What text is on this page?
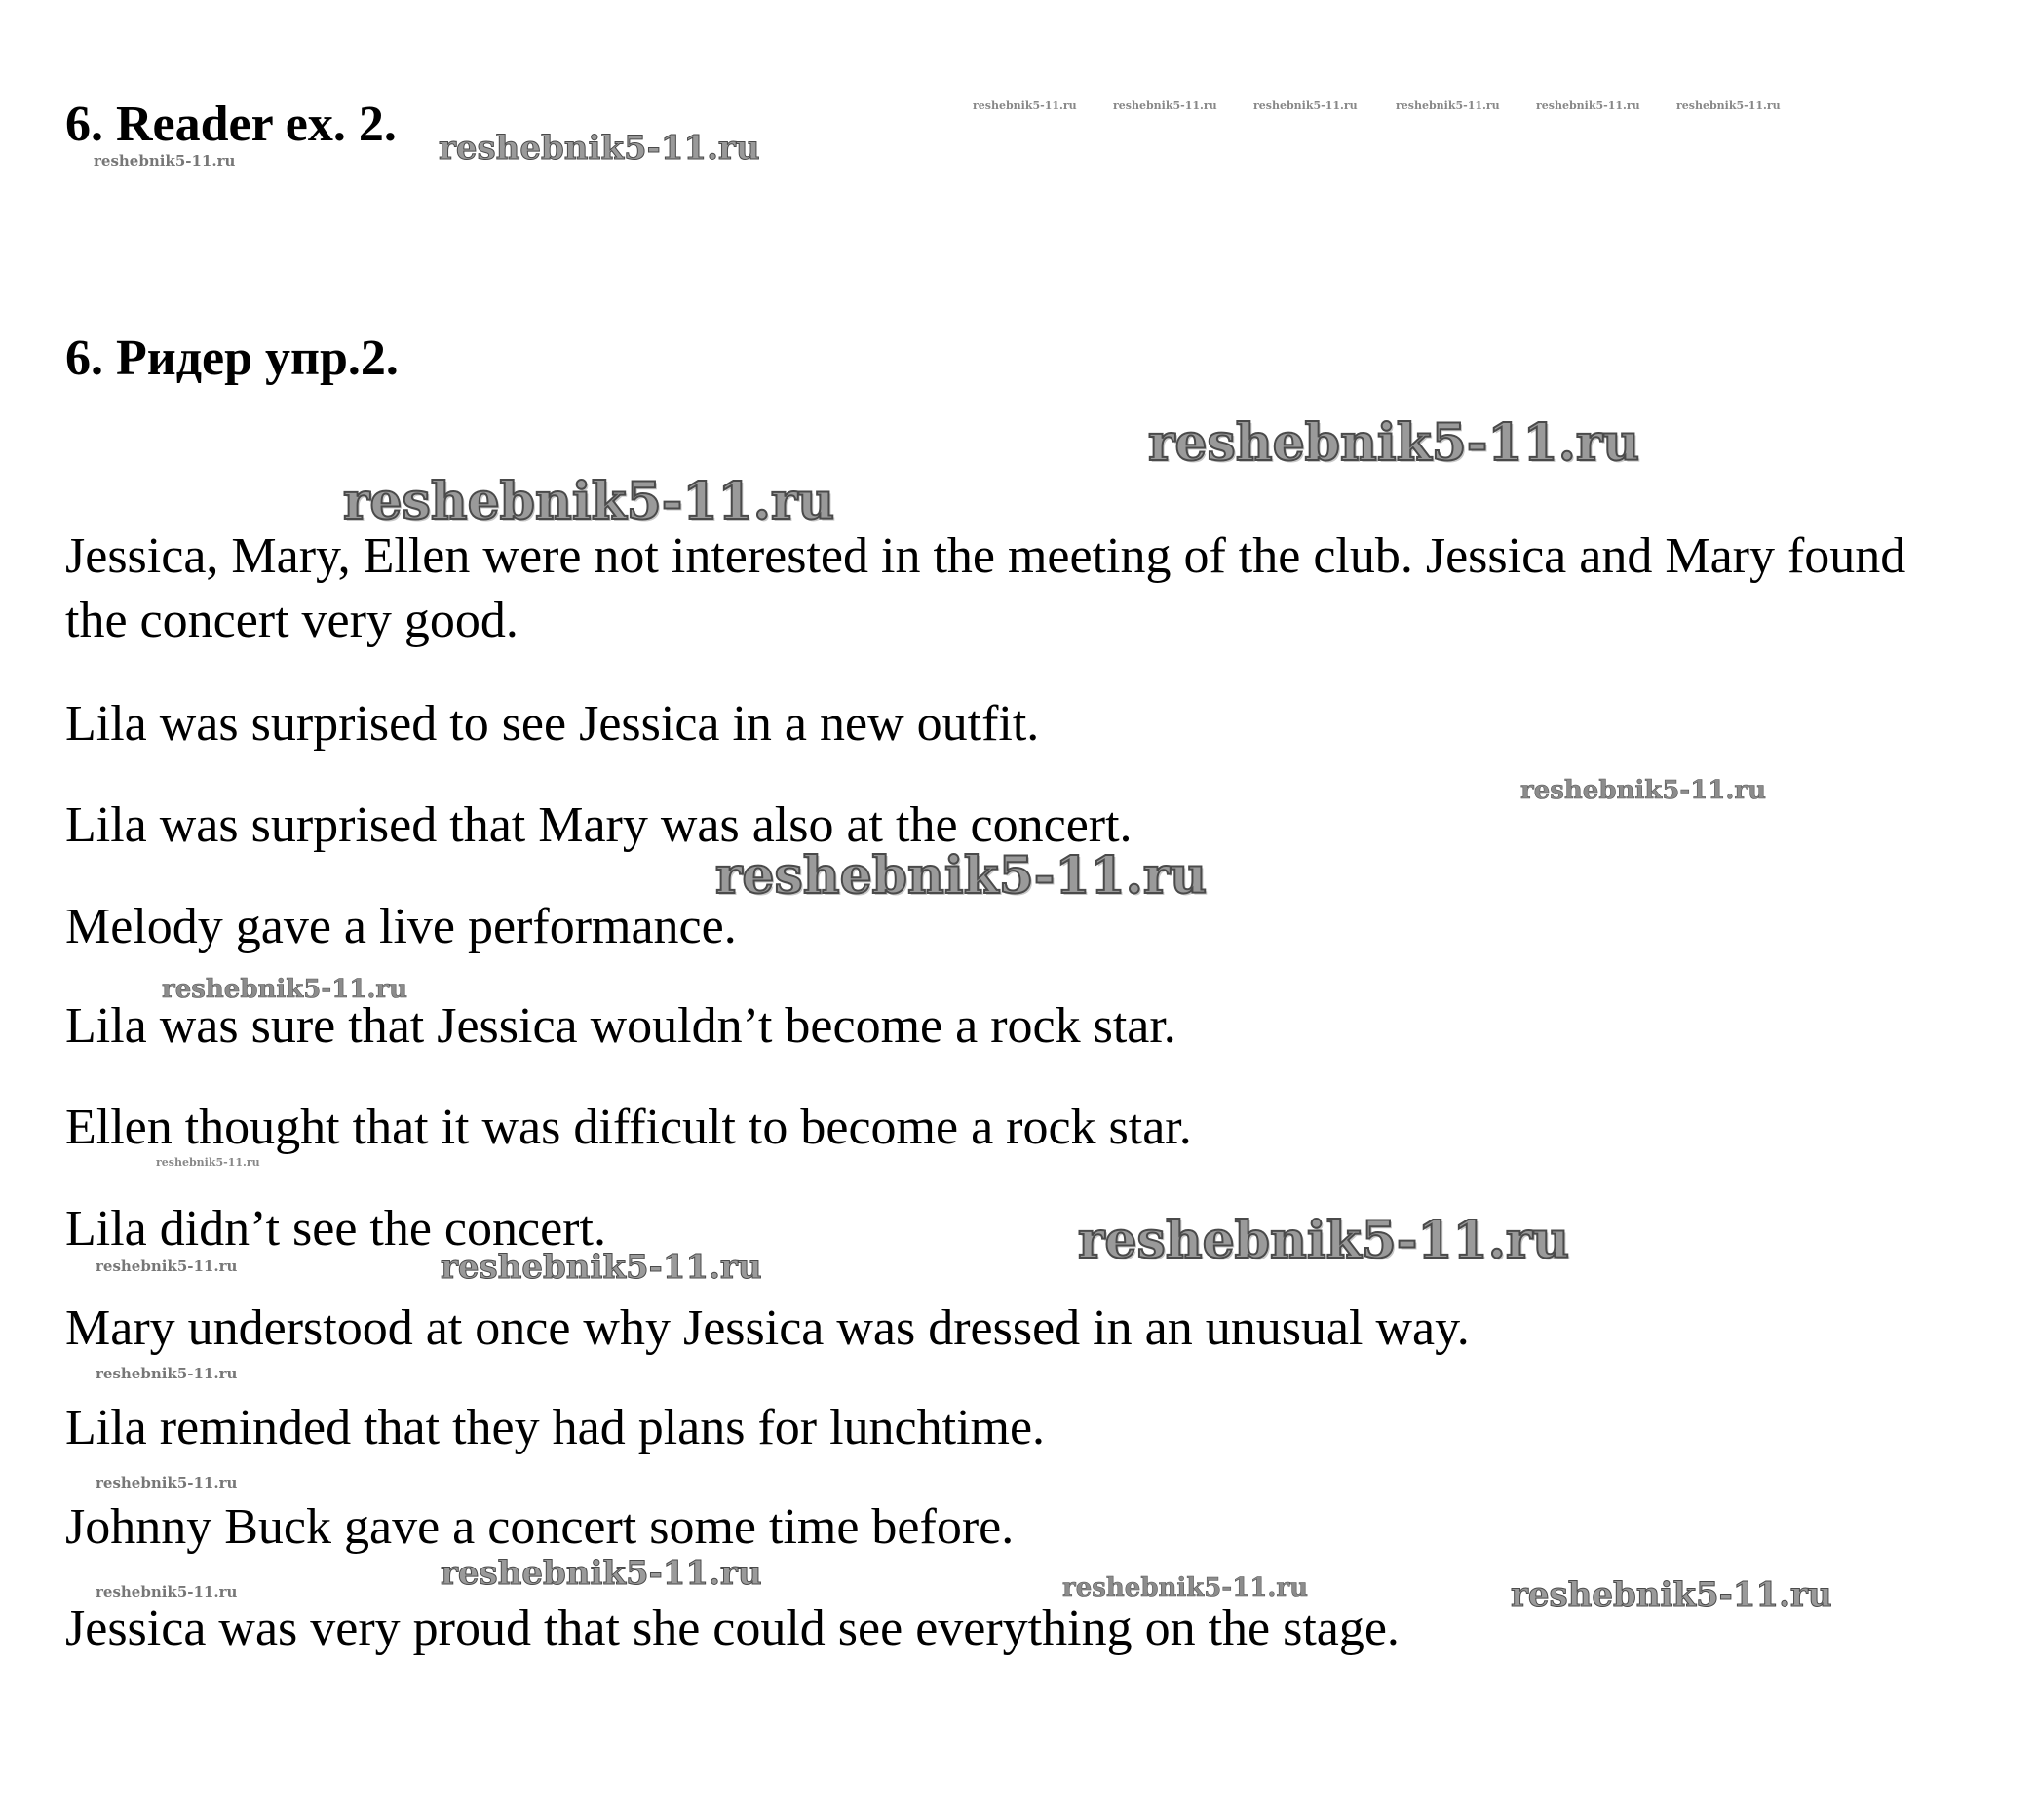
6. Reader ex. 2.
6. Ридер упр.2.

Jessica, Mary, Ellen were not interested in the meeting of the club. Jessica and Mary found the concert very good.

Lila was surprised to see Jessica in a new outfit.

Lila was surprised that Mary was also at the concert.

Melody gave a live performance.

Lila was sure that Jessica wouldn’t become a rock star.

Ellen thought that it was difficult to become a rock star.

Lila didn’t see the concert.

Mary understood at once why Jessica was dressed in an unusual way.

Lila reminded that they had plans for lunchtime.

Johnny Buck gave a concert some time before.

Jessica was very proud that she could see everything on the stage.

reshebnik5-11.ru	reshebnik5-11.ru	reshebnik5-11.ru	reshebnik5-11.ru	reshebnik5-11.ru	reshebnik5-11.ru
reshebnik5-11.ru	reshebnik5-11.ru
reshebnik5-11.ru
reshebnik5-11.ru
reshebnik5-11.ru
reshebnik5-11.ru
reshebnik5-11.ru
reshebnik5-11.ru
reshebnik5-11.ru
reshebnik5-11.ru	reshebnik5-11.ru
reshebnik5-11.ru
reshebnik5-11.ru
reshebnik5-11.ru
reshebnik5-11.ru	reshebnik5-11.ru	reshebnik5-11.ru
